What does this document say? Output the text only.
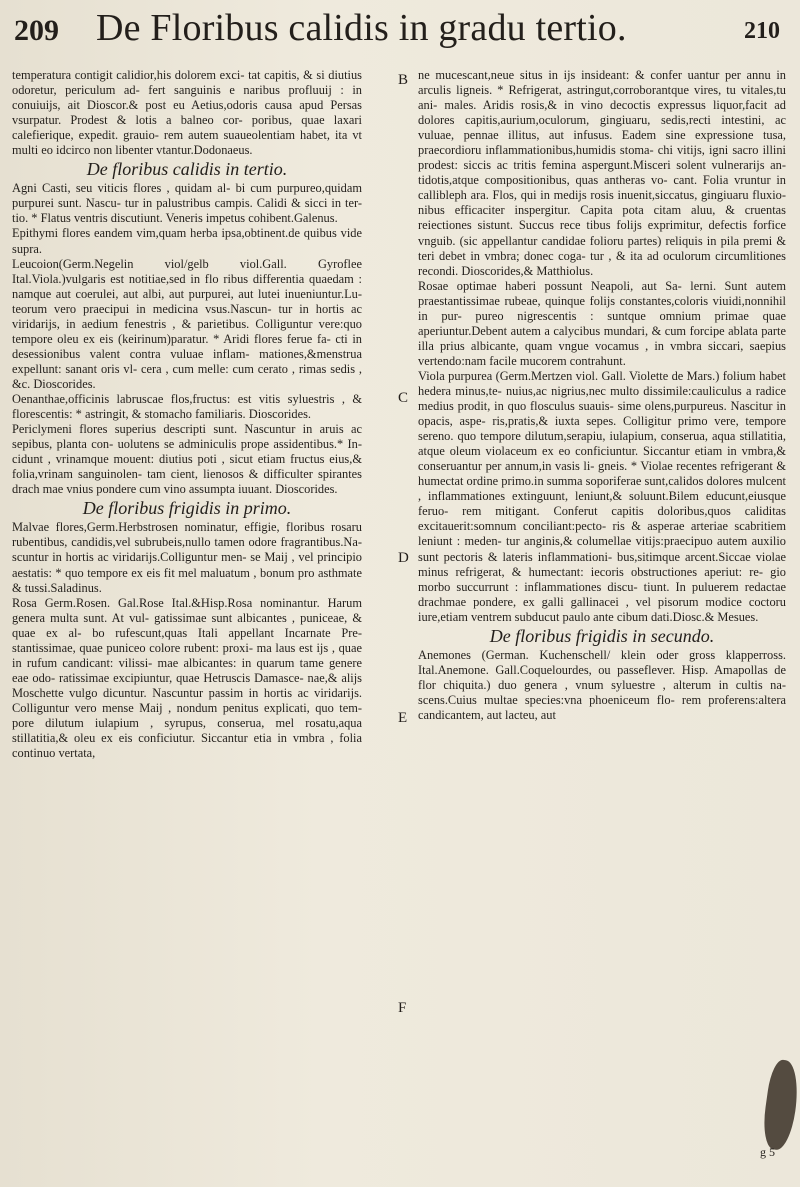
209 De Floribus calidis in gradu tertio.	210

temperatura contigit calidior,his dolorem exci- tat capitis, & si diutius odoretur, periculum ad- fert sanguinis e naribus profluuij : in conuiuijs, ait Dioscor.& post eu Aetius,odoris causa apud Persas vsurpatur. Prodest & lotis a balneo cor- poribus, quae laxari calefierique, expedit. grauio- rem autem suaueolentiam habet, ita vt multi eo idcirco non libenter vtantur.Dodonaeus.

De floribus calidis in tertio.

Agni Casti, seu viticis flores , quidam al- bi cum purpureo,quidam purpurei sunt. Nascu- tur in palustribus campis. Calidi & sicci in ter- tio. * Flatus ventris discutiunt. Veneris impetus cohibent.Galenus.

Epithymi flores eandem vim,quam herba ipsa,obtinent.de quibus vide supra.

Leucoion(Germ.Negelin viol/gelb viol.Gall. Gyroflee Ital.Viola.)vulgaris est notitiae,sed in flo ribus differentia quaedam : namque aut coerulei, aut albi, aut purpurei, aut lutei inueniuntur.Lu- teorum vero praecipui in medicina vsus.Nascun- tur in hortis ac viridarijs, in aedium fenestris , & parietibus. Colliguntur vere:quo tempore oleu ex eis (keirinum)paratur. * Aridi flores ferue fa- cti in desessionibus valent contra vuluae inflam- mationes,&menstrua expellunt: sanant oris vl- cera , cum melle: cum cerato , rimas sedis , &c. Dioscorides.

Oenanthae,officinis labruscae flos,fructus: est vitis syluestris , & florescentis: * astringit, & stomacho familiaris. Dioscorides.

Periclymeni flores superius descripti sunt. Nascuntur in aruis ac sepibus, planta con- uolutens se adminiculis prope assidentibus.* In- cidunt , vrinamque mouent: diutius poti , sicut etiam fructus eius,& folia,vrinam sanguinolen- tam cient, lienosos & difficulter spirantes drach mae vnius pondere cum vino assumpta iuuant. Dioscorides.

De floribus frigidis in primo.

Malvae flores,Germ.Herbstrosen nominatur, effigie, floribus rosaru rubentibus, candidis,vel subrubeis,nullo tamen odore fragrantibus.Na- scuntur in hortis ac viridarijs.Colliguntur men- se Maij , vel principio aestatis: * quo tempore ex eis fit mel maluatum , bonum pro asthmate & tussi.Saladinus.

Rosa Germ.Rosen. Gal.Rose Ital.&Hisp.Rosa nominantur. Harum genera multa sunt. At vul- gatissimae sunt albicantes , puniceae, & quae ex al- bo rufescunt,quas Itali appellant Incarnate Pre- stantissimae, quae puniceo colore rubent: proxi- ma laus est ijs , quae in rufum candicant: vilissi- mae albicantes: in quarum tame genere eae odo- ratissimae excipiuntur, quae Hetruscis Damasce- nae,& alijs Moschette vulgo dicuntur. Nascuntur passim in hortis ac viridarijs. Colliguntur vero mense Maij , nondum penitus explicati, quo tem- pore dilutum iulapium , syrupus, conserua, mel rosatu,aqua stillatitia,& oleu ex eis conficiutur. Siccantur etia in vmbra , folia continuo vertata,

B
C
D
E
F

ne mucescant,neue situs in ijs insideant: & confer uantur per annu in arculis ligneis. * Refrigerat, astringut,corroborantque vires, tu vitales,tu ani- males. Aridis rosis,& in vino decoctis expressus liquor,facit ad dolores capitis,aurium,oculorum, gingiuaru, sedis,recti intestini, ac vuluae, pennae illitus, aut infusus. Eadem sine expressione tusa, praecordioru inflammationibus,humidis stoma- chi vitijs, igni sacro illini prodest: siccis ac tritis femina aspergunt.Misceri solent vulnerarijs an- tidotis,atque compositionibus, quas antheras vo- cant. Folia vruntur in callibleph ara. Flos, qui in medijs rosis inuenit,siccatus, gingiuaru fluxio- nibus efficaciter inspergitur. Capita pota citam aluu, & cruentas reiectiones sistunt. Succus rece tibus folijs exprimitur, defectis forfice vnguib. (sic appellantur candidae folioru partes) reliquis in pila premi & teri debet in vmbra; donec coga- tur , & ita ad oculorum circumlitiones recondi. Dioscorides,& Matthiolus.

Rosae optimae haberi possunt Neapoli, aut Sa- lerni. Sunt autem praestantissimae rubeae, quinque folijs constantes,coloris viuidi,nonnihil in pur- pureo nigrescentis : suntque omnium primae quae aperiuntur.Debent autem a calycibus mundari, & cum forcipe ablata parte illa prius albicante, quam vngue vocamus , in vmbra siccari, saepius vertendo:nam facile mucorem contrahunt.

Viola purpurea (Germ.Mertzen viol. Gall. Violette de Mars.) folium habet hedera minus,te- nuius,ac nigrius,nec multo dissimile:cauliculus a radice medius prodit, in quo flosculus suauis- sime olens,purpureus. Nascitur in opacis, aspe- ris,pratis,& iuxta sepes. Colligitur primo vere, tempore sereno. quo tempore dilutum,serapiu, iulapium, conserua, aqua stillatitia, atque oleum violaceum ex eo conficiuntur. Siccantur etiam in vmbra,& conseruantur per annum,in vasis li- gneis. * Violae recentes refrigerant & humectat ordine primo.in summa soporiferae sunt,calidos dolores mulcent , inflammationes extinguunt, leniunt,& soluunt.Bilem educunt,eiusque feruo- rem mitigant. Conferut capitis doloribus,quos caliditas excitauerit:somnum conciliant:pecto- ris & asperae arteriae scabritiem leniunt : meden- tur anginis,& columellae vitijs:praecipuo autem auxilio sunt pectoris & lateris inflammationi- bus,sitimque arcent.Siccae violae minus refrigerat, & humectant: iecoris obstructiones aperiut: re- gio morbo succurrunt : inflammationes discu- tiunt. In puluerem redactae drachmae pondere, ex galli gallinacei , vel pisorum modice coctoru iure,etiam ventrem subducut paulo ante cibum dati.Diosc.& Mesues.

De floribus frigidis in secundo.

Anemones (German. Kuchenschell/ klein oder gross klapperross. Ital.Anemone. Gall.Coquelourdes, ou passeflever. Hisp. Amapollas de flor chiquita.) duo genera , vnum syluestre , alterum in cultis na- scens.Cuius multae species:vna phoeniceum flo- rem proferens:altera candicantem, aut lacteu, aut

g 5
